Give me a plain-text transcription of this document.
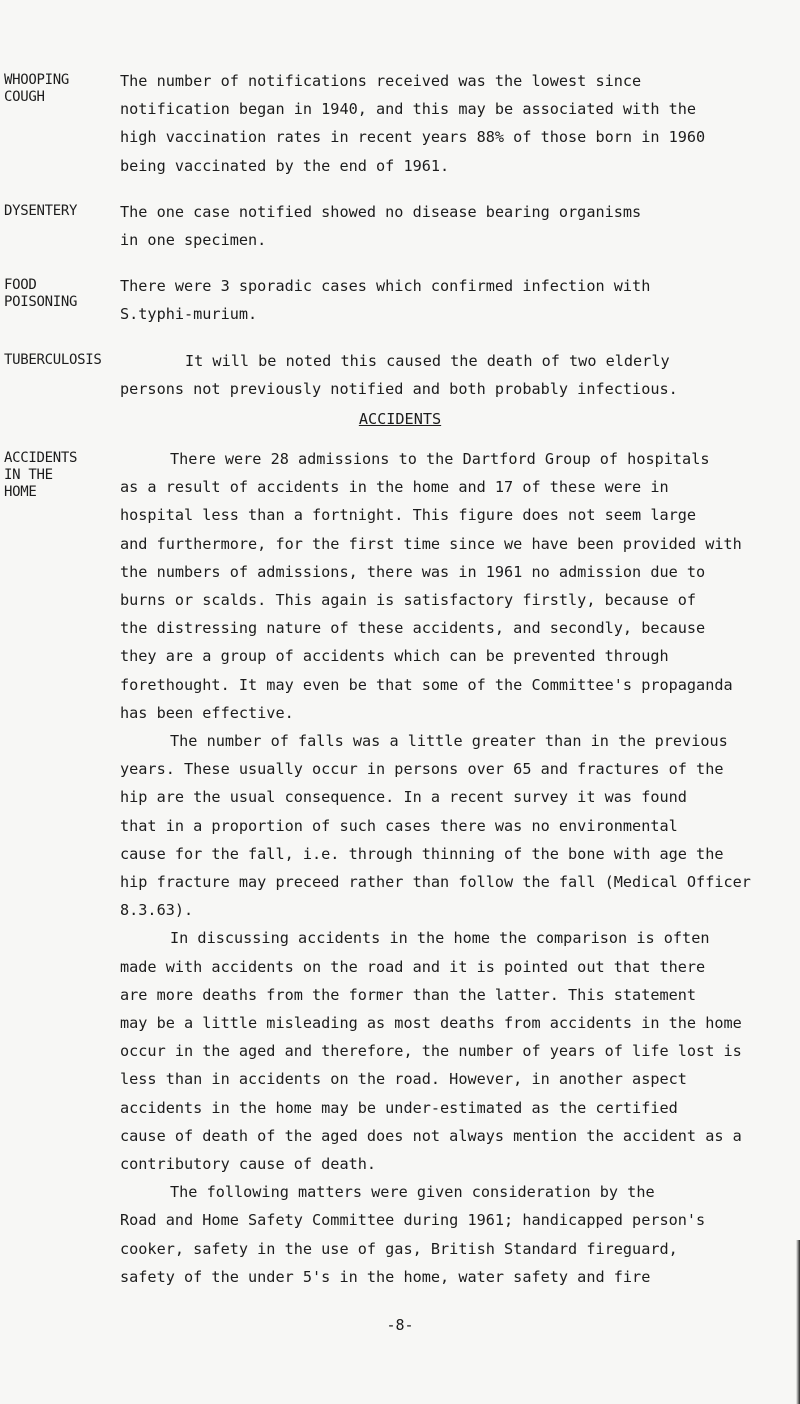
WHOOPING
COUGH
The number of notifications received was the lowest since
notification began in 1940, and this may be associated with the
high vaccination rates in recent years 88% of those born in 1960
being vaccinated by the end of 1961.
DYSENTERY	The one case notified showed no disease bearing organisms
in one specimen.
FOOD
POISONING
There were 3 sporadic cases which confirmed infection with
S.typhi-murium.
TUBERCULOSIS	It will be noted this caused the death of two elderly
persons not previously notified and both probably infectious.
ACCIDENTS
ACCIDENTS
IN THE
HOME
There were 28 admissions to the Dartford Group of hospitals
as a result of accidents in the home and 17 of these were in
hospital less than a fortnight. This figure does not seem large
and furthermore, for the first time since we have been provided with
the numbers of admissions, there was in 1961 no admission due to
burns or scalds. This again is satisfactory firstly, because of
the distressing nature of these accidents, and secondly, because
they are a group of accidents which can be prevented through
forethought. It may even be that some of the Committee's propaganda
has been effective.
The number of falls was a little greater than in the previous
years. These usually occur in persons over 65 and fractures of the
hip are the usual consequence. In a recent survey it was found
that in a proportion of such cases there was no environmental
cause for the fall, i.e. through thinning of the bone with age the
hip fracture may preceed rather than follow the fall (Medical Officer
8.3.63).
In discussing accidents in the home the comparison is often
made with accidents on the road and it is pointed out that there
are more deaths from the former than the latter. This statement
may be a little misleading as most deaths from accidents in the home
occur in the aged and therefore, the number of years of life lost is
less than in accidents on the road. However, in another aspect
accidents in the home may be under-estimated as the certified
cause of death of the aged does not always mention the accident as a
contributory cause of death.
The following matters were given consideration by the
Road and Home Safety Committee during 1961; handicapped person's
cooker, safety in the use of gas, British Standard fireguard,
safety of the under 5's in the home, water safety and fire
-8-
